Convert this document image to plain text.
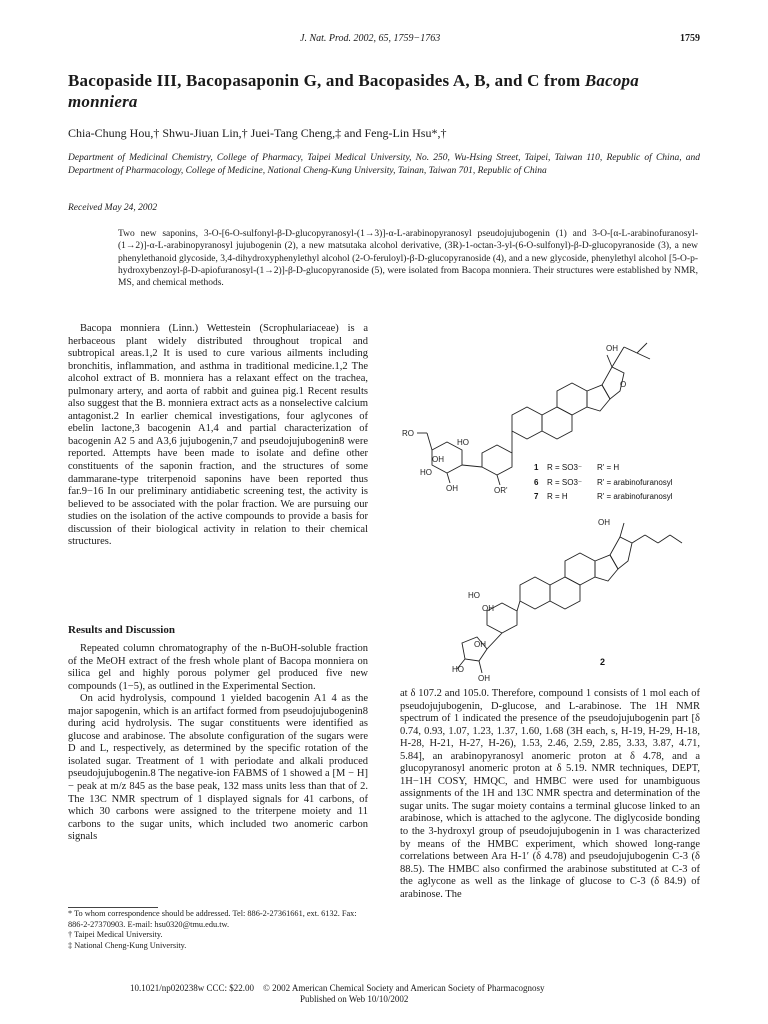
J. Nat. Prod. 2002, 65, 1759−1763	1759
Bacopaside III, Bacopasaponin G, and Bacopasides A, B, and C from Bacopa monniera
Chia-Chung Hou,† Shwu-Jiuan Lin,† Juei-Tang Cheng,‡ and Feng-Lin Hsu*,†
Department of Medicinal Chemistry, College of Pharmacy, Taipei Medical University, No. 250, Wu-Hsing Street, Taipei, Taiwan 110, Republic of China, and Department of Pharmacology, College of Medicine, National Cheng-Kung University, Tainan, Taiwan 701, Republic of China
Received May 24, 2002
Two new saponins, 3-O-[6-O-sulfonyl-β-D-glucopyranosyl-(1→3)]-α-L-arabinopyranosyl pseudojujubogenin (1) and 3-O-[α-L-arabinofuranosyl-(1→2)]-α-L-arabinopyranosyl jujubogenin (2), a new matsutaka alcohol derivative, (3R)-1-octan-3-yl-(6-O-sulfonyl)-β-D-glucopyranoside (3), a new phenylethanoid glycoside, 3,4-dihydroxyphenylethyl alcohol (2-O-feruloyl)-β-D-glucopyranoside (4), and a new glycoside, phenylethyl alcohol [5-O-p-hydroxybenzoyl-β-D-apiofuranosyl-(1→2)]-β-D-glucopyranoside (5), were isolated from Bacopa monniera. Their structures were established by NMR, MS, and chemical methods.

Bacopa monniera (Linn.) Wettestein (Scrophulariaceae) is a herbaceous plant widely distributed throughout tropical and subtropical areas.1,2 It is used to cure various ailments including bronchitis, inflammation, and asthma in traditional medicine.1,2 The alcohol extract of B. monniera has a relaxant effect on the trachea, pulmonary artery, and aorta of rabbit and guinea pig.1 Recent results also suggest that the B. monniera extract acts as a nonselective calcium antagonist.2 In earlier chemical investigations, four aglycones of ebelin lactone,3 bacogenin A1,4 and partial characterization of bacogenin A2 5 and A3,6 jujubogenin,7 and pseudojujubogenin8 were reported. Attempts have been made to isolate and define other constituents of the saponin fraction, and the structures of some dammarane-type triterpenoid saponins have been reported thus far.9−16 In our preliminary antidiabetic screening test, the activity is believed to be associated with the polar fraction. We are pursuing our studies on the isolation of the active compounds to provide a basis for discussion of their biological activity in relation to their chemical structures.

Results and Discussion

Repeated column chromatography of the n-BuOH-soluble fraction of the MeOH extract of the fresh whole plant of Bacopa monniera on silica gel and highly porous polymer gel produced five new compounds (1−5), as outlined in the Experimental Section.

On acid hydrolysis, compound 1 yielded bacogenin A1 4 as the major sapogenin, which is an artifact formed from pseudojujubogenin8 during acid hydrolysis. The sugar constituents were identified as glucose and arabinose. The absolute configuration of the sugars were D and L, respectively, as determined by the specific rotation of the isolated sugar. Treatment of 1 with periodate and alkali produced pseudojujubogenin.8 The negative-ion FABMS of 1 showed a [M − H]− peak at m/z 845 as the base peak, 132 mass units less than that of 2. The 13C NMR spectrum of 1 displayed signals for 41 carbons, of which 30 carbons were assigned to the triterpene moiety and 11 carbons to the sugar units, which included two anomeric carbon signals

* To whom correspondence should be addressed. Tel: 886-2-27361661, ext. 6132. Fax: 886-2-27370903. E-mail: hsu0320@tmu.edu.tw.

† Taipei Medical University.

‡ National Cheng-Kung University.

OH
RO
HO
OH
HO
OH	OR'
O
1 R = SO3⁻ R' = H
6 R = SO3⁻ R' = arabinofuranosyl
7 R = H	R' = arabinofuranosyl
OH
HO
OH
OH
HO
OH
2

at δ 107.2 and 105.0. Therefore, compound 1 consists of 1 mol each of pseudojujubogenin, D-glucose, and L-arabinose. The 1H NMR spectrum of 1 indicated the presence of the pseudojujubogenin part [δ 0.74, 0.93, 1.07, 1.23, 1.37, 1.60, 1.68 (3H each, s, H-19, H-29, H-18, H-28, H-21, H-27, H-26), 1.53, 2.46, 2.59, 2.85, 3.33, 3.87, 4.71, 5.84], an arabinopyranosyl anomeric proton at δ 4.78, and a glucopyranosyl anomeric proton at δ 5.19. NMR techniques, DEPT, 1H−1H COSY, HMQC, and HMBC were used for unambiguous assignments of the 1H and 13C NMR spectra and determination of the sugar units. The sugar moiety contains a terminal glucose linked to an arabinose, which is attached to the aglycone. The diglycoside bonding to the 3-hydroxyl group of pseudojujubogenin in 1 was characterized by means of the HMBC experiment, which showed long-range correlations between Ara H-1′ (δ 4.78) and pseudojujubogenin C-3 (δ 88.5). The HMBC also confirmed the arabinose substituted at C-3 of the aglycone as well as the linkage of glucose to C-3 (δ 84.9) of arabinose. The

10.1021/np020238w CCC: $22.00 © 2002 American Chemical Society and American Society of Pharmacognosy
Published on Web 10/10/2002
